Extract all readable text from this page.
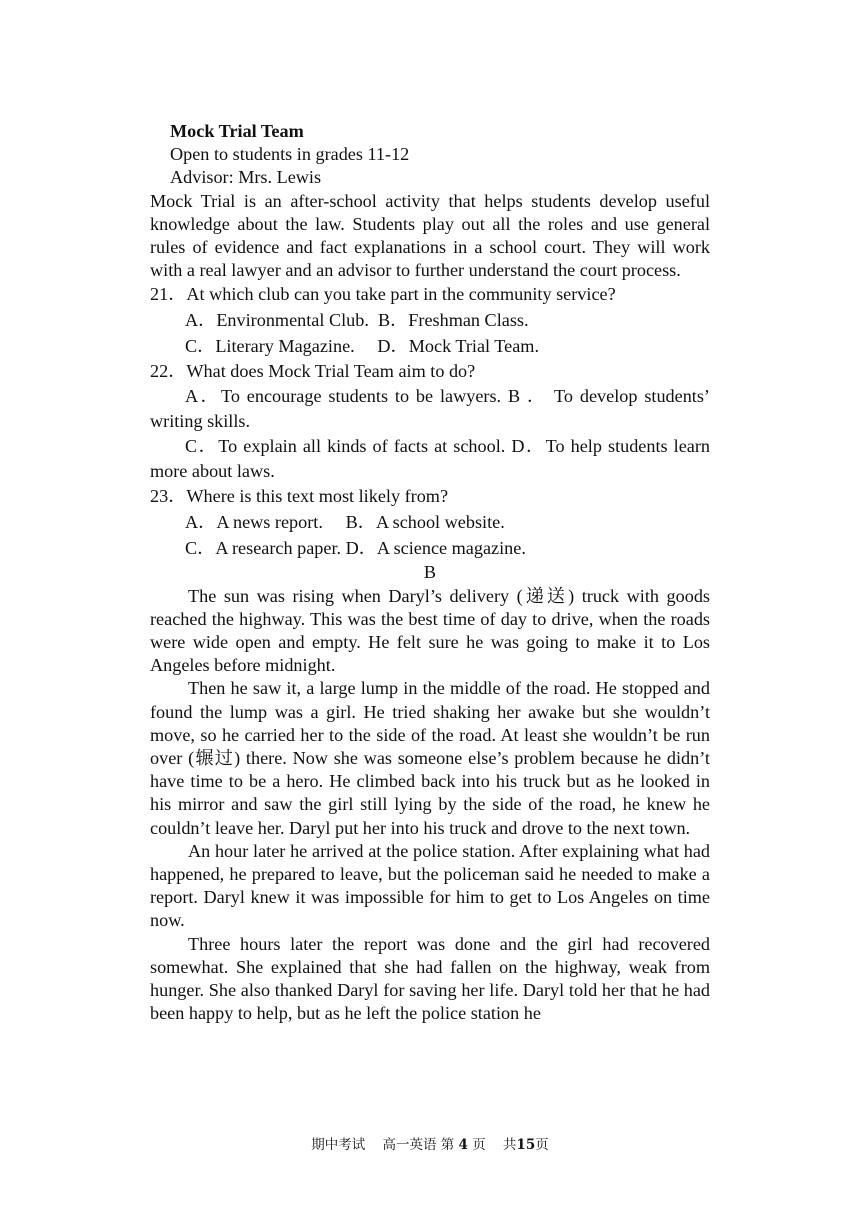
Mock Trial Team

Open to students in grades 11-12

Advisor: Mrs. Lewis

Mock Trial is an after-school activity that helps students develop useful knowledge about the law. Students play out all the roles and use general rules of evidence and fact explanations in a school court. They will work with a real lawyer and an advisor to further understand the court process.

21．At which club can you take part in the community service?

A．Environmental Club.  B．Freshman Class.

C．Literary Magazine.     D．Mock Trial Team.

22．What does Mock Trial Team aim to do?

A．To encourage students to be lawyers. B ． To develop students’ writing skills.

C．To explain all kinds of facts at school. D．To help students learn more about laws.

23．Where is this text most likely from?

A．A news report.     B．A school website.

C．A research paper. D．A science magazine.

B

The sun was rising when Daryl’s delivery (递送) truck with goods reached the highway. This was the best time of day to drive, when the roads were wide open and empty. He felt sure he was going to make it to Los Angeles before midnight.

Then he saw it, a large lump in the middle of the road. He stopped and found the lump was a girl. He tried shaking her awake but she wouldn’t move, so he carried her to the side of the road. At least she wouldn’t be run over (辗过) there. Now she was someone else’s problem because he didn’t have time to be a hero. He climbed back into his truck but as he looked in his mirror and saw the girl still lying by the side of the road, he knew he couldn’t leave her. Daryl put her into his truck and drove to the next town.

An hour later he arrived at the police station. After explaining what had happened, he prepared to leave, but the policeman said he needed to make a report. Daryl knew it was impossible for him to get to Los Angeles on time now.

Three hours later the report was done and the girl had recovered somewhat. She explained that she had fallen on the highway, weak from hunger. She also thanked Daryl for saving her life. Daryl told her that he had been happy to help, but as he left the police station he

期中考试 高一英语 第 4 页 共15页
